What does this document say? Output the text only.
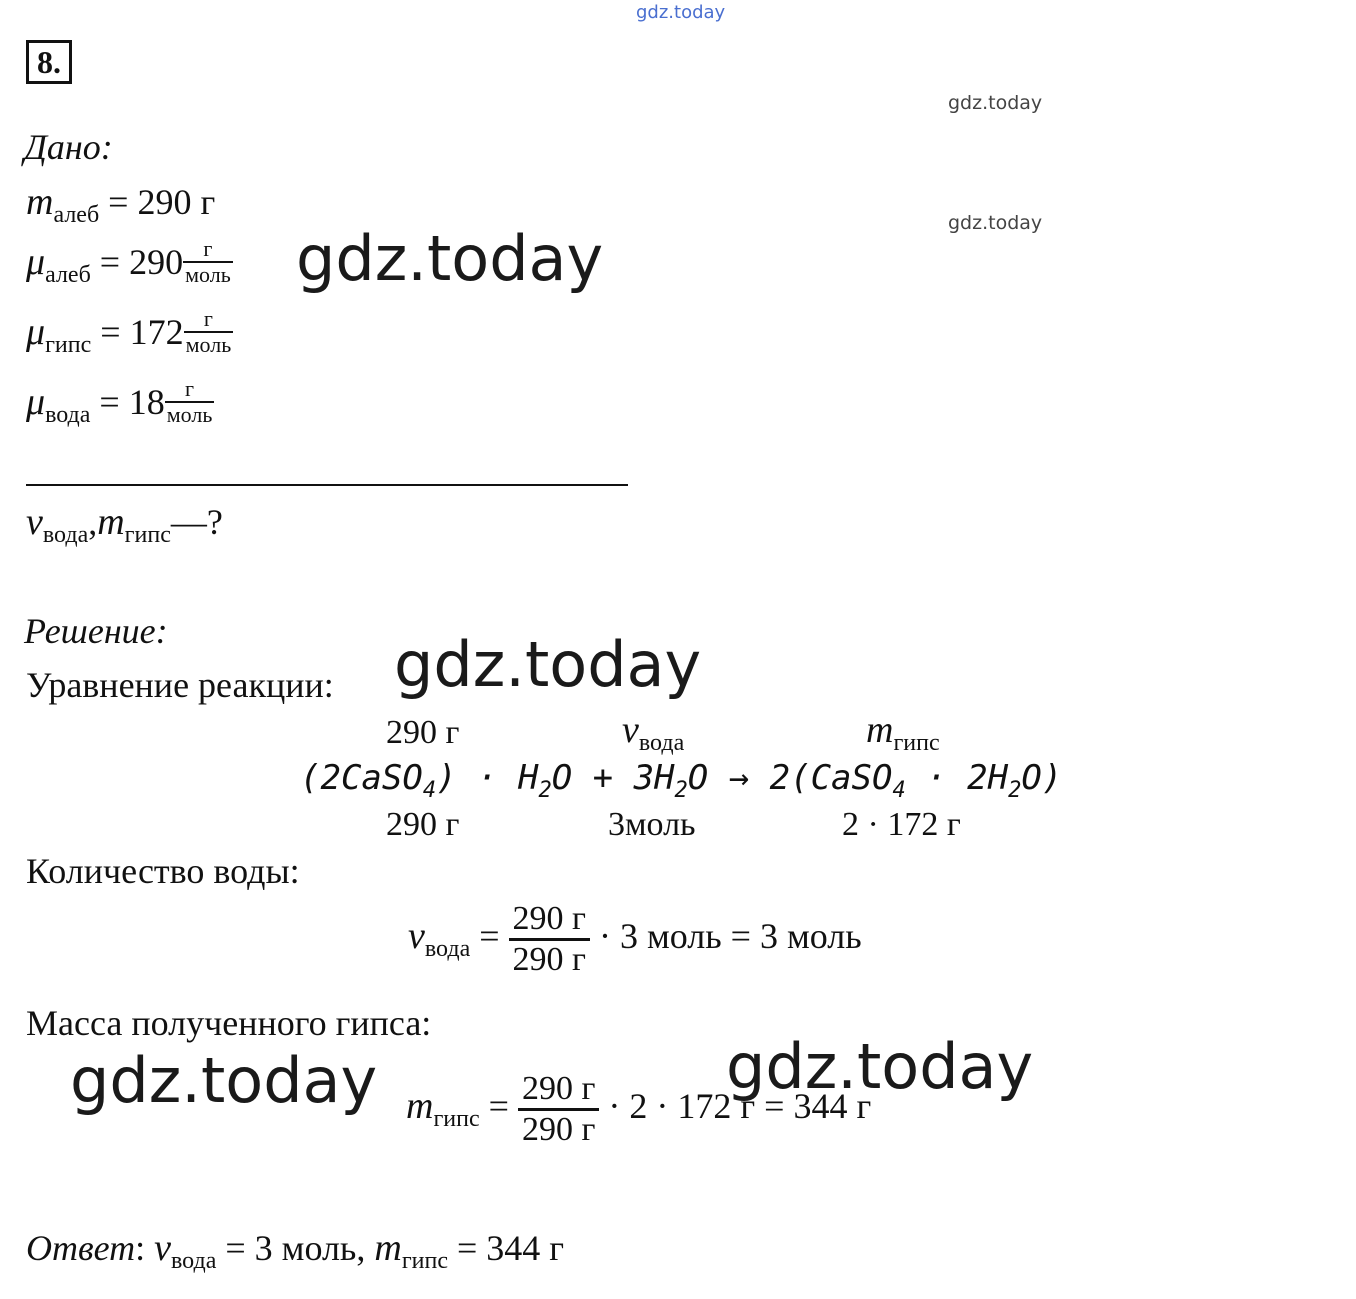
gdz.today
gdz.today
gdz.today
gdz.today
gdz.today
gdz.today	gdz.today
8.
Дано:
$m_{алеб} = 290$ г
$\mu_{алеб} = 290 \frac{г}{\text{моль}}$
$\mu_{гипс} = 172 \frac{г}{\text{моль}}$
$\mu_{вода} = 18 \frac{г}{\text{моль}}$
$\nu_{вода},m_{гипс}—$?
Решение:
Уравнение реакции:
290 г	$\nu_{вода}$	$m_{гипс}$
(2CaSO$_4$) · $H_2O + 3H_2O$ → 2(CaSO$_4$ · $2H_2O$)
290 г	3моль	2 · 172 г
Количество воды:
$\nu_{вода} = 290$ г
290 г
· 3 моль = 3 моль
Масса полученного гипса:
$m_{гипс} = 290$ г
290 г
· 2 · 172 г = 344 г
Ответ: $\nu_{вода} = 3$ моль, $m_{гипс} = 344$ г
